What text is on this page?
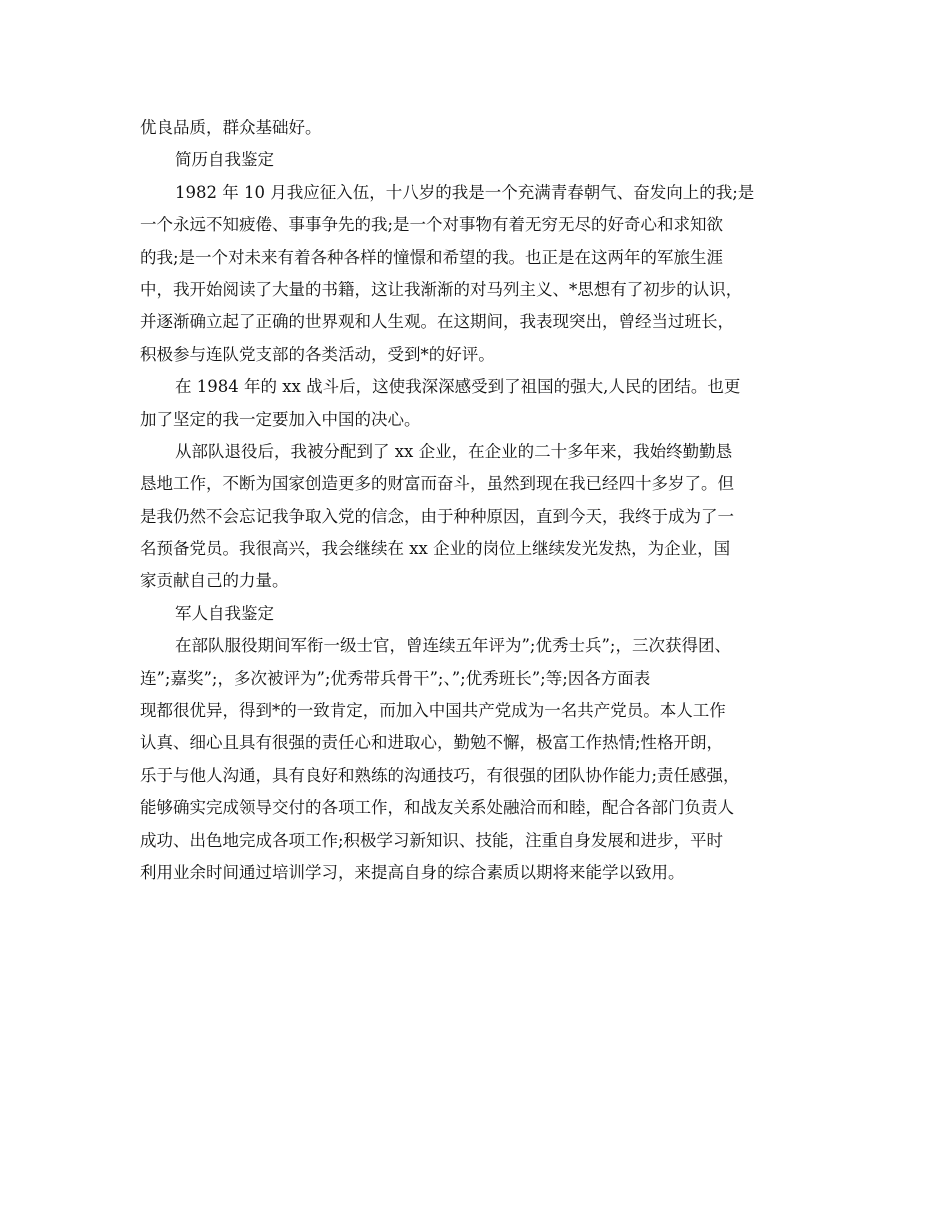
优良品质，群众基础好。
简历自我鉴定
1982 年 10 月我应征入伍，十八岁的我是一个充满青春朝气、奋发向上的我;是
一个永远不知疲倦、事事争先的我;是一个对事物有着无穷无尽的好奇心和求知欲
的我;是一个对未来有着各种各样的憧憬和希望的我。也正是在这两年的军旅生涯
中，我开始阅读了大量的书籍，这让我渐渐的对马列主义、*思想有了初步的认识，
并逐渐确立起了正确的世界观和人生观。在这期间，我表现突出，曾经当过班长，
积极参与连队党支部的各类活动，受到*的好评。
在 1984 年的 xx 战斗后，这使我深深感受到了祖国的强大,人民的团结。也更
加了坚定的我一定要加入中国的决心。
从部队退役后，我被分配到了 xx 企业，在企业的二十多年来，我始终勤勤恳
恳地工作，不断为国家创造更多的财富而奋斗，虽然到现在我已经四十多岁了。但
是我仍然不会忘记我争取入党的信念，由于种种原因，直到今天，我终于成为了一
名预备党员。我很高兴，我会继续在 xx 企业的岗位上继续发光发热，为企业，国
家贡献自己的力量。
军人自我鉴定
在部队服役期间军衔一级士官，曾连续五年评为”;优秀士兵”;，三次获得团、
连”;嘉奖”;，多次被评为”;优秀带兵骨干”;、”;优秀班长”;等;因各方面表
现都很优异，得到*的一致肯定，而加入中国共产党成为一名共产党员。本人工作
认真、细心且具有很强的责任心和进取心，勤勉不懈，极富工作热情;性格开朗，
乐于与他人沟通，具有良好和熟练的沟通技巧，有很强的团队协作能力;责任感强，
能够确实完成领导交付的各项工作，和战友关系处融洽而和睦，配合各部门负责人
成功、出色地完成各项工作;积极学习新知识、技能，注重自身发展和进步，平时
利用业余时间通过培训学习，来提高自身的综合素质以期将来能学以致用。
